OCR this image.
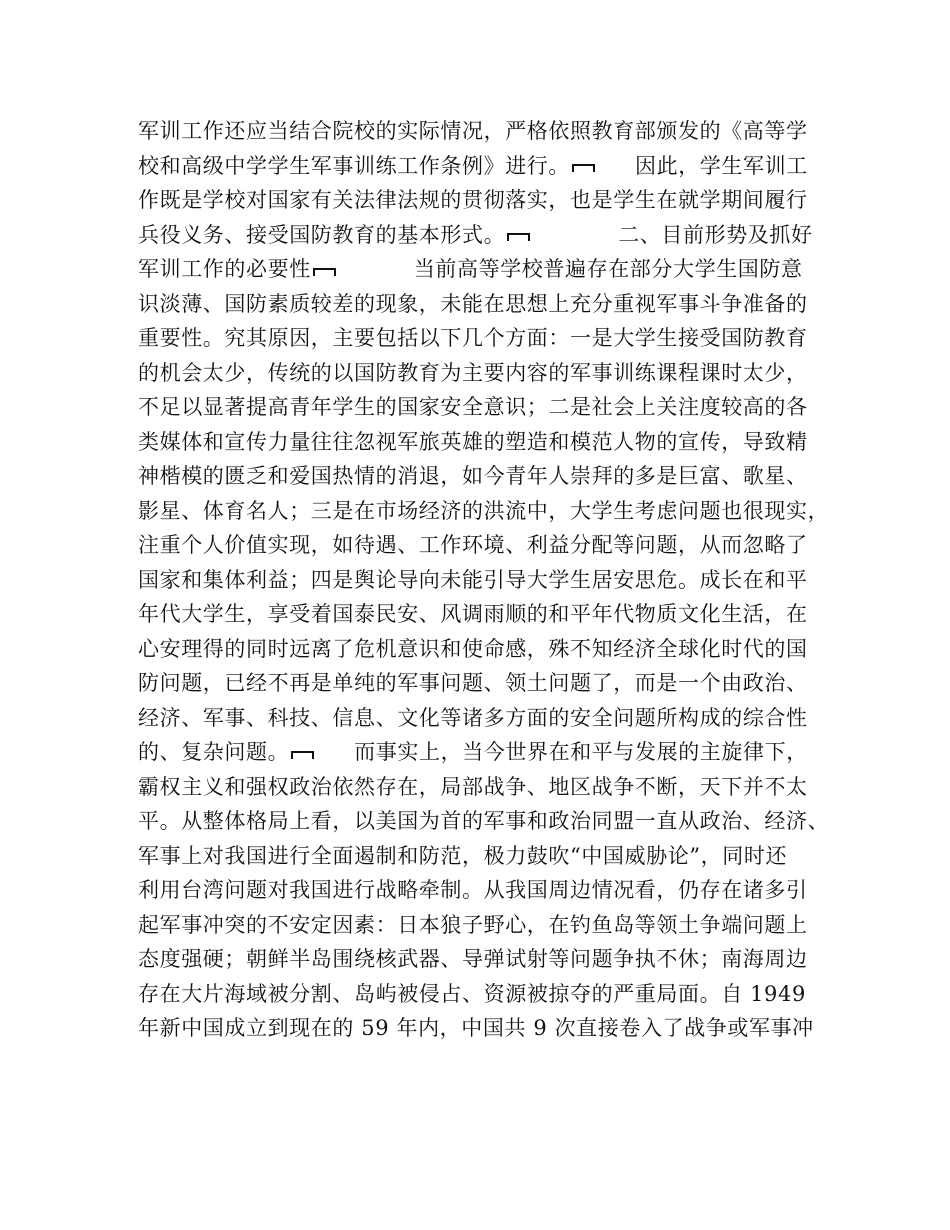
军训工作还应当结合院校的实际情况，严格依照教育部颁发的《高等学
校和高级中学学生军事训练工作条例》进行。	因此，学生军训工
作既是学校对国家有关法律法规的贯彻落实，也是学生在就学期间履行
兵役义务、接受国防教育的基本形式。	二、目前形势及抓好
军训工作的必要性	当前高等学校普遍存在部分大学生国防意
识淡薄、国防素质较差的现象，未能在思想上充分重视军事斗争准备的
重要性。究其原因，主要包括以下几个方面：一是大学生接受国防教育
的机会太少，传统的以国防教育为主要内容的军事训练课程课时太少，
不足以显著提高青年学生的国家安全意识；二是社会上关注度较高的各
类媒体和宣传力量往往忽视军旅英雄的塑造和模范人物的宣传，导致精
神楷模的匮乏和爱国热情的消退，如今青年人崇拜的多是巨富、歌星、
影星、体育名人；三是在市场经济的洪流中，大学生考虑问题也很现实，
注重个人价值实现，如待遇、工作环境、利益分配等问题，从而忽略了
国家和集体利益；四是舆论导向未能引导大学生居安思危。成长在和平
年代大学生，享受着国泰民安、风调雨顺的和平年代物质文化生活，在
心安理得的同时远离了危机意识和使命感，殊不知经济全球化时代的国
防问题，已经不再是单纯的军事问题、领土问题了，而是一个由政治、
经济、军事、科技、信息、文化等诸多方面的安全问题所构成的综合性
的、复杂问题。	而事实上，当今世界在和平与发展的主旋律下，
霸权主义和强权政治依然存在，局部战争、地区战争不断，天下并不太
平。从整体格局上看，以美国为首的军事和政治同盟一直从政治、经济、
军事上对我国进行全面遏制和防范，极力鼓吹“中国威胁论”，同时还
利用台湾问题对我国进行战略牵制。从我国周边情况看，仍存在诸多引
起军事冲突的不安定因素：日本狼子野心，在钓鱼岛等领土争端问题上
态度强硬；朝鲜半岛围绕核武器、导弹试射等问题争执不休；南海周边
存在大片海域被分割、岛屿被侵占、资源被掠夺的严重局面。自 1949
年新中国成立到现在的 59 年内，中国共 9 次直接卷入了战争或军事冲
